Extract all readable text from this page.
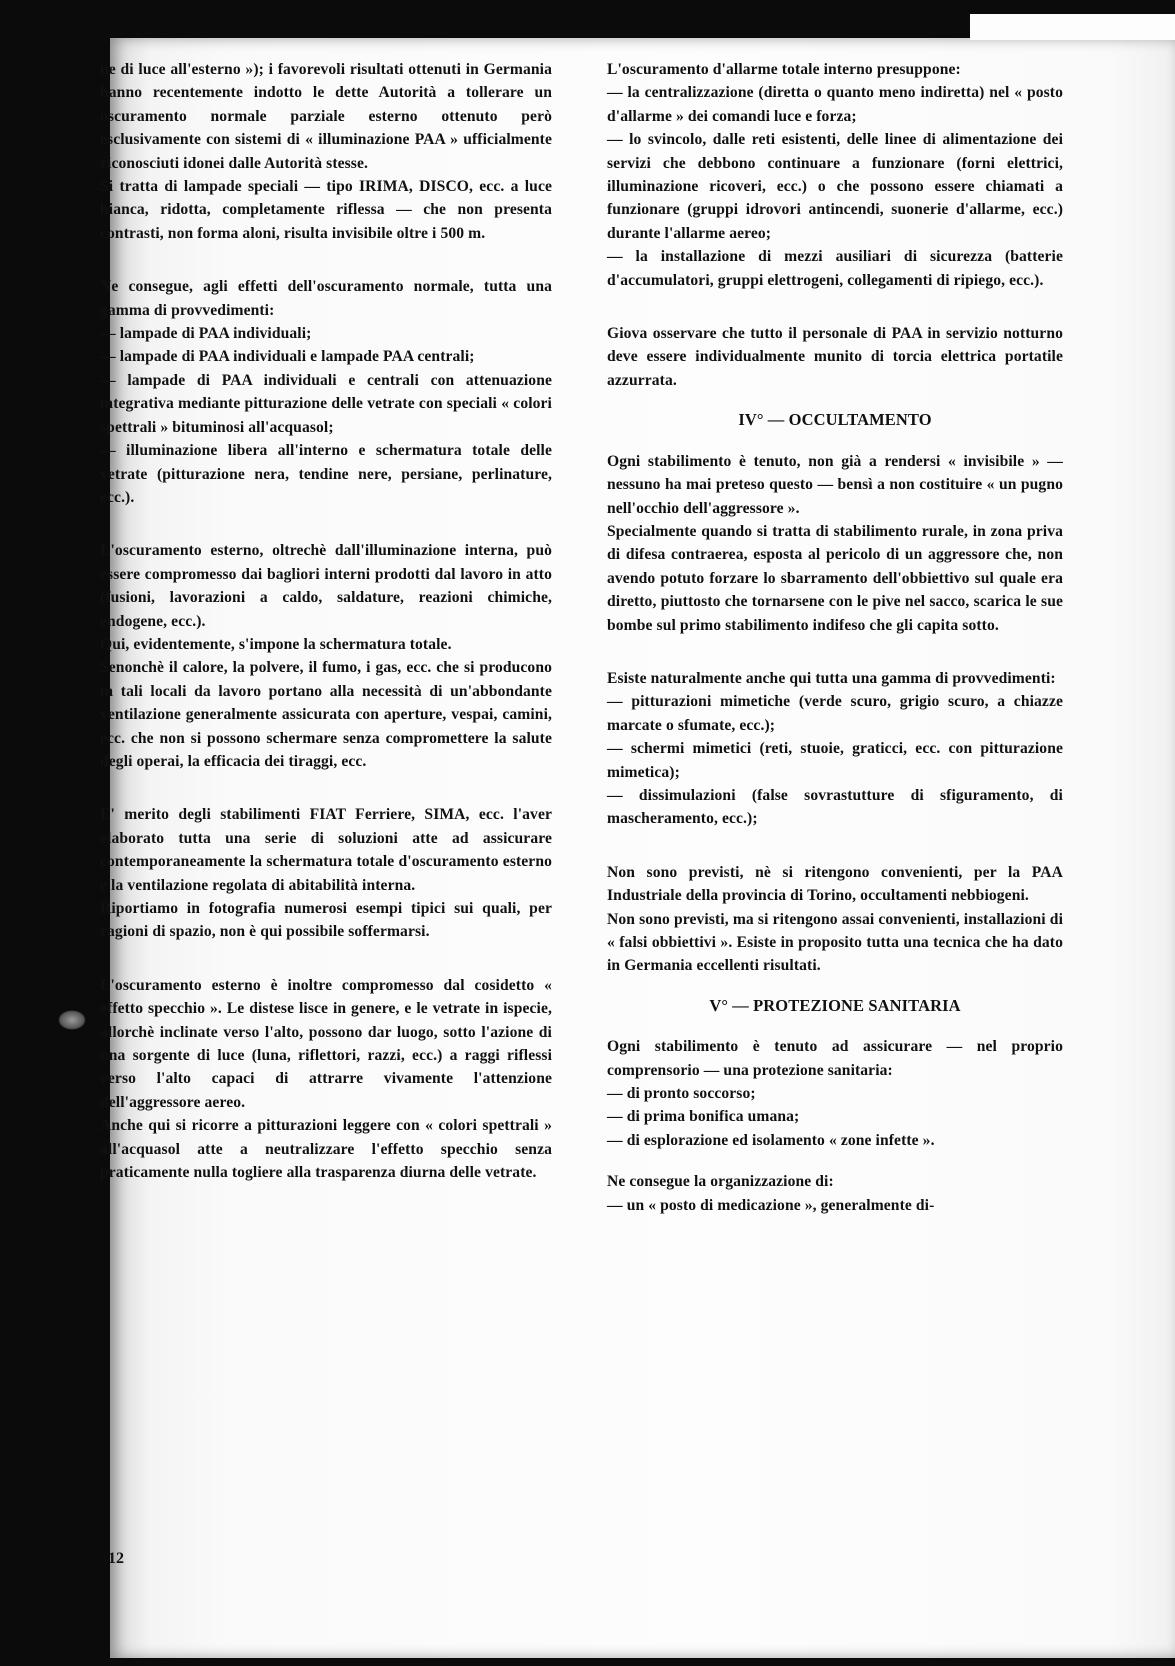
ne di luce all'esterno »); i favorevoli risultati ottenuti in Germania hanno recentemente indotto le dette Autorità a tollerare un oscuramento normale parziale esterno ottenuto però esclusivamente con sistemi di « illuminazione PAA » ufficialmente riconosciuti idonei dalle Autorità stesse.

Si tratta di lampade speciali — tipo IRIMA, DISCO, ecc. a luce bianca, ridotta, completamente riflessa — che non presenta contrasti, non forma aloni, risulta invisibile oltre i 500 m.

Ne consegue, agli effetti dell'oscuramento normale, tutta una gamma di provvedimenti:

— lampade di PAA individuali;

— lampade di PAA individuali e lampade PAA centrali;

— lampade di PAA individuali e centrali con attenuazione integrativa mediante pitturazione delle vetrate con speciali « colori spettrali » bituminosi all'acquasol;

— illuminazione libera all'interno e schermatura totale delle vetrate (pitturazione nera, tendine nere, persiane, perlinature, ecc.).

L'oscuramento esterno, oltrechè dall'illuminazione interna, può essere compromesso dai bagliori interni prodotti dal lavoro in atto (fusioni, lavorazioni a caldo, saldature, reazioni chimiche, endogene, ecc.).

Qui, evidentemente, s'impone la schermatura totale.

Senonchè il calore, la polvere, il fumo, i gas, ecc. che si producono in tali locali da lavoro portano alla necessità di un'abbondante ventilazione generalmente assicurata con aperture, vespai, camini, ecc. che non si possono schermare senza compromettere la salute degli operai, la efficacia dei tiraggi, ecc.

E' merito degli stabilimenti FIAT Ferriere, SIMA, ecc. l'aver elaborato tutta una serie di soluzioni atte ad assicurare contemporaneamente la schermatura totale d'oscuramento esterno e la ventilazione regolata di abitabilità interna.

Riportiamo in fotografia numerosi esempi tipici sui quali, per ragioni di spazio, non è qui possibile soffermarsi.

L'oscuramento esterno è inoltre compromesso dal cosidetto « effetto specchio ». Le distese lisce in genere, e le vetrate in ispecie, allorchè inclinate verso l'alto, possono dar luogo, sotto l'azione di una sorgente di luce (luna, riflettori, razzi, ecc.) a raggi riflessi verso l'alto capaci di attrarre vivamente l'attenzione dell'aggressore aereo.

Anche qui si ricorre a pitturazioni leggere con « colori spettrali » all'acquasol atte a neutralizzare l'effetto specchio senza praticamente nulla togliere alla trasparenza diurna delle vetrate.

L'oscuramento d'allarme totale interno presuppone:

— la centralizzazione (diretta o quanto meno indiretta) nel « posto d'allarme » dei comandi luce e forza;

— lo svincolo, dalle reti esistenti, delle linee di alimentazione dei servizi che debbono continuare a funzionare (forni elettrici, illuminazione ricoveri, ecc.) o che possono essere chiamati a funzionare (gruppi idrovori antincendi, suonerie d'allarme, ecc.) durante l'allarme aereo;

— la installazione di mezzi ausiliari di sicurezza (batterie d'accumulatori, gruppi elettrogeni, collegamenti di ripiego, ecc.).

Giova osservare che tutto il personale di PAA in servizio notturno deve essere individualmente munito di torcia elettrica portatile azzurrata.

IV° — OCCULTAMENTO

Ogni stabilimento è tenuto, non già a rendersi « invisibile » — nessuno ha mai preteso questo — bensì a non costituire « un pugno nell'occhio dell'aggressore ».

Specialmente quando si tratta di stabilimento rurale, in zona priva di difesa contraerea, esposta al pericolo di un aggressore che, non avendo potuto forzare lo sbarramento dell'obbiettivo sul quale era diretto, piuttosto che tornarsene con le pive nel sacco, scarica le sue bombe sul primo stabilimento indifeso che gli capita sotto.

Esiste naturalmente anche qui tutta una gamma di provvedimenti:

— pitturazioni mimetiche (verde scuro, grigio scuro, a chiazze marcate o sfumate, ecc.);

— schermi mimetici (reti, stuoie, graticci, ecc. con pitturazione mimetica);

— dissimulazioni (false sovrastutture di sfiguramento, di mascheramento, ecc.);

Non sono previsti, nè si ritengono convenienti, per la PAA Industriale della provincia di Torino, occultamenti nebbiogeni.

Non sono previsti, ma si ritengono assai convenienti, installazioni di « falsi obbiettivi ». Esiste in proposito tutta una tecnica che ha dato in Germania eccellenti risultati.

V° — PROTEZIONE SANITARIA

Ogni stabilimento è tenuto ad assicurare — nel proprio comprensorio — una protezione sanitaria:

— di pronto soccorso;

— di prima bonifica umana;

— di esplorazione ed isolamento « zone infette ».

Ne consegue la organizzazione di:

— un « posto di medicazione », generalmente di-

12
